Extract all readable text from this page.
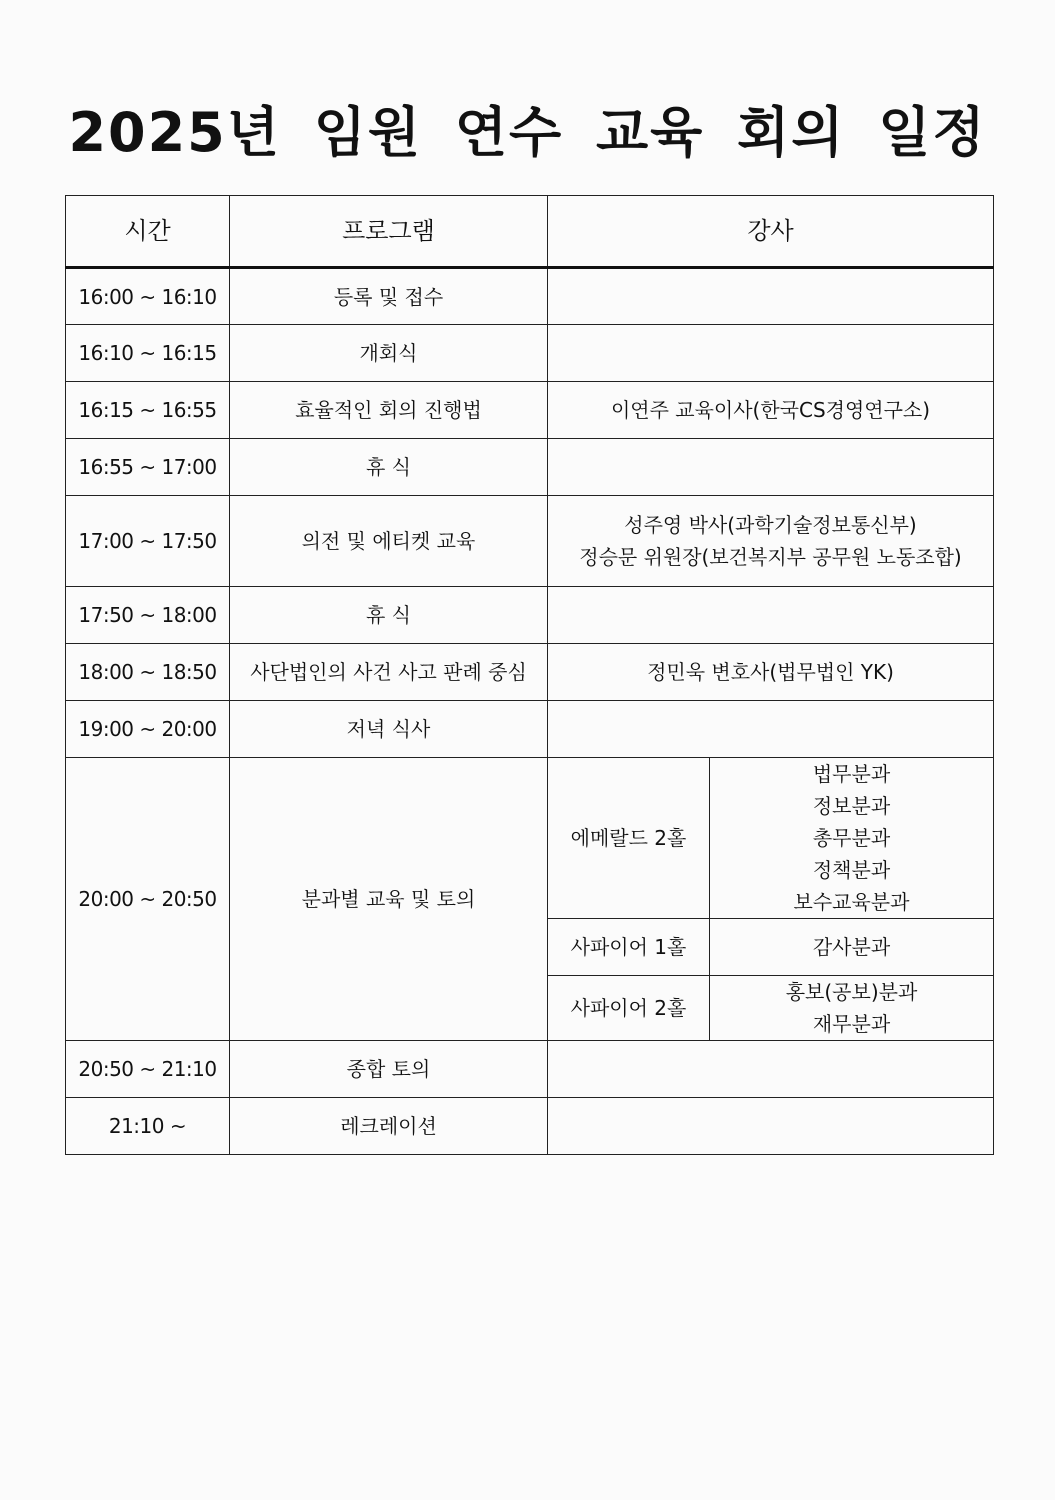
2025년 임원 연수 교육 회의 일정
시간	프로그램	강사	
16:00 ~ 16:10	등록 및 접수		
16:10 ~ 16:15	개회식		
16:15 ~ 16:55	효율적인 회의 진행법	이연주 교육이사(한국CS경영연구소)	

16:55 ~ 17:00	휴 식		
17:00 ~ 17:50	의전 및 에티켓 교육	성주영 박사(과학기술정보통신부)
정승문 위원장(보건복지부 공무원 노동조합)	

17:50 ~ 18:00	휴 식		
18:00 ~ 18:50	사단법인의 사건 사고 판례 중심	정민욱 변호사(법무법인 YK)	

19:00 ~ 20:00	저녁 식사		
20:00 ~ 20:50	분과별 교육 및 토의	에메랄드 2홀	법무분과
정보분과
총무분과
정책분과
보수교육분과

		사파이어 1홀	감사분과

		사파이어 2홀	홍보(공보)분과
재무분과

20:50 ~ 21:10	종합 토의		
21:10 ~	레크레이션		
